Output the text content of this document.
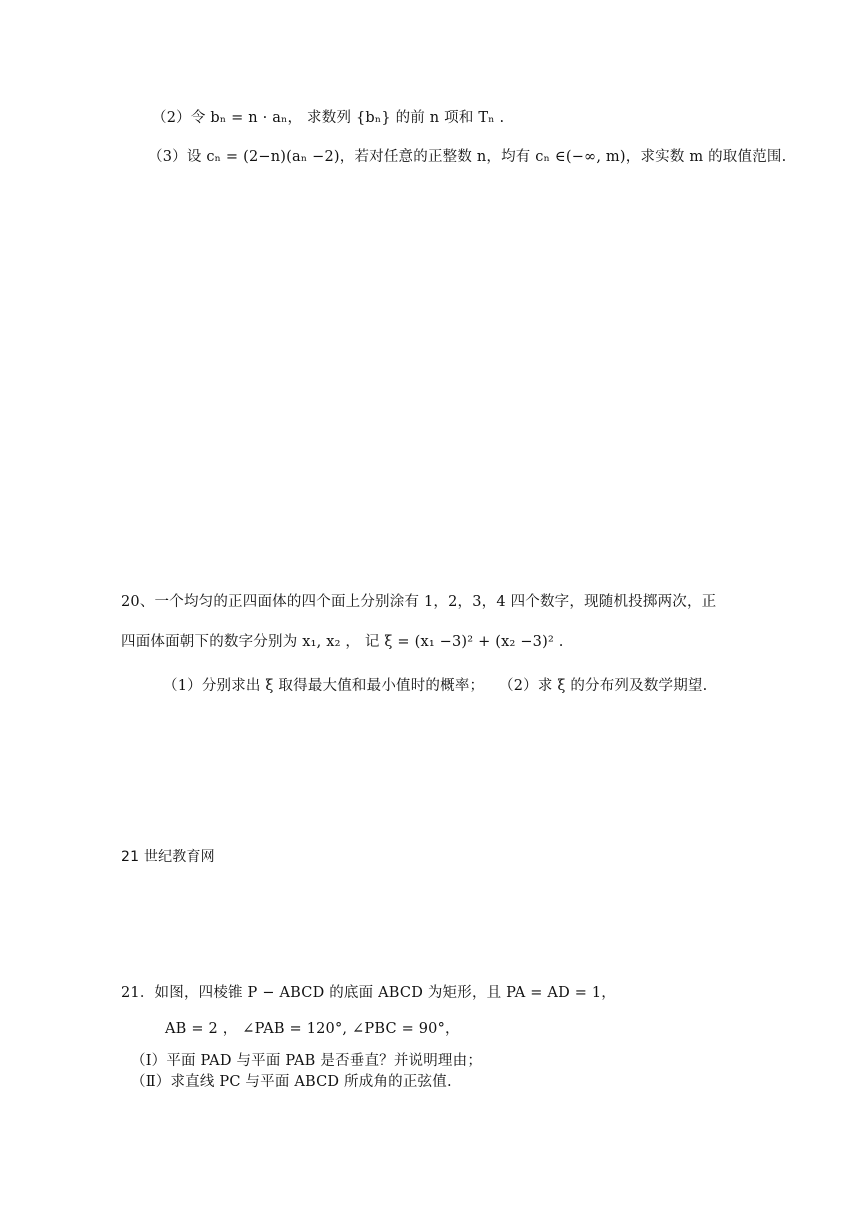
（2）令 bₙ = n · aₙ， 求数列 {bₙ} 的前 n 项和 Tₙ .
（3）设 cₙ = (2−n)(aₙ −2)，若对任意的正整数 n，均有 cₙ ∈(−∞, m)，求实数 m 的取值范围.
20、一个均匀的正四面体的四个面上分别涂有 1，2，3，4 四个数字，现随机投掷两次，正
四面体面朝下的数字分别为 x₁, x₂ ， 记 ξ = (x₁ −3)² + (x₂ −3)² .
（1）分别求出 ξ 取得最大值和最小值时的概率； （2）求 ξ 的分布列及数学期望.
21 世纪教育网
21．如图，四棱锥 P − ABCD 的底面 ABCD 为矩形，且 PA = AD = 1，
AB = 2 ， ∠PAB = 120°, ∠PBC = 90°，
（Ⅰ）平面 PAD 与平面 PAB 是否垂直？并说明理由；
（Ⅱ）求直线 PC 与平面 ABCD 所成角的正弦值.
